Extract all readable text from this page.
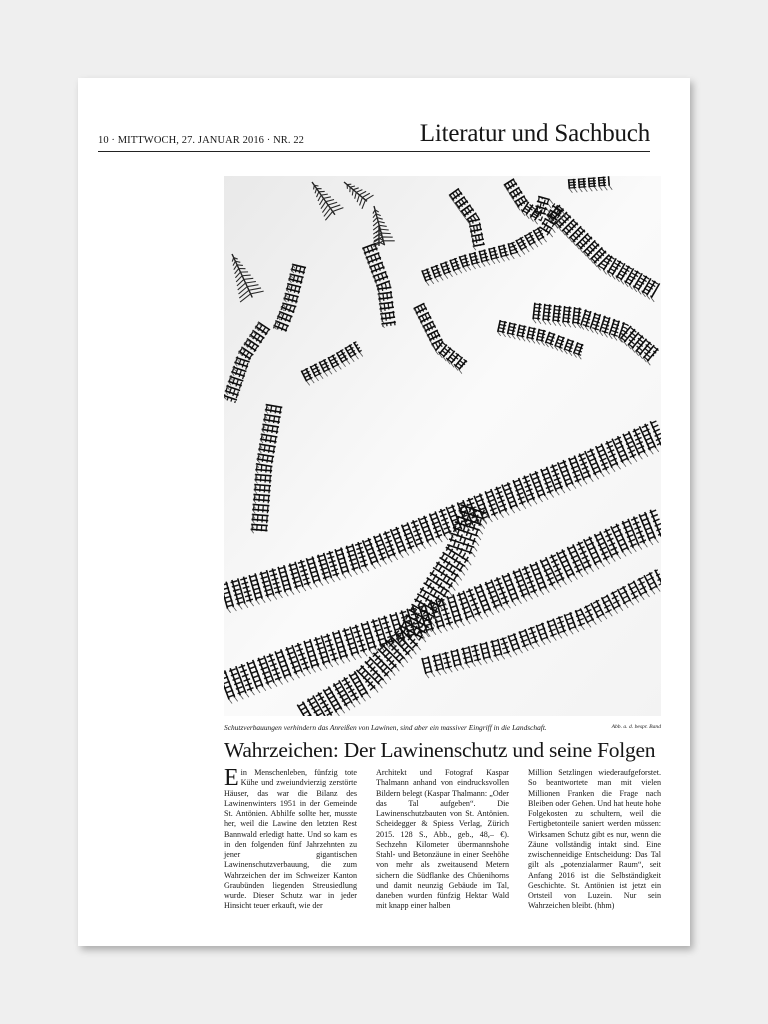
10 · MITTWOCH, 27. JANUAR 2016 · NR. 22	Literatur und Sachbuch
Schutzverbauungen verhindern das Anreißen von Lawinen, sind aber ein massiver Eingriff in die Landschaft.	Abb. a. d. bespr. Band
Wahrzeichen: Der Lawinenschutz und seine Folgen
E in Menschenleben, fünfzig tote Kühe und zweiundvierzig zerstörte Häuser, das war die Bilanz des Lawinenwinters 1951 in der Gemeinde St. Antönien. Abhilfe sollte her, musste her, weil die Lawine den letzten Rest Bannwald erledigt hatte. Und so kam es in den folgenden fünf Jahrzehnten zu jener gigantischen Lawinenschutzverbauung, die zum Wahrzeichen der im Schweizer Kanton Graubünden liegenden Streusiedlung wurde. Dieser Schutz war in jeder Hinsicht teuer erkauft, wie der
Architekt und Fotograf Kaspar Thalmann anhand von eindrucksvollen Bildern belegt (Kaspar Thalmann: „Oder das Tal aufgeben“. Die Lawinenschutzbauten von St. Antönien. Scheidegger & Spiess Verlag, Zürich 2015. 128 S., Abb., geb., 48,– €). Sechzehn Kilometer übermannshohe Stahl- und Betonzäune in einer Seehöhe von mehr als zweitausend Metern sichern die Südflanke des Chüenihorns und damit neunzig Gebäude im Tal, daneben wurden fünfzig Hektar Wald mit knapp einer halben
Million Setzlingen wiederaufgeforstet. So beantwortete man mit vielen Millionen Franken die Frage nach Bleiben oder Gehen. Und hat heute hohe Folgekosten zu schultern, weil die Fertigbetonteile saniert werden müssen: Wirksamen Schutz gibt es nur, wenn die Zäune vollständig intakt sind. Eine zwischenneidige Entscheidung: Das Tal gilt als „potenzialarmer Raum“, seit Anfang 2016 ist die Selbständigkeit Geschichte. St. Antönien ist jetzt ein Ortsteil von Luzein. Nur sein Wahrzeichen bleibt. (hhm)
